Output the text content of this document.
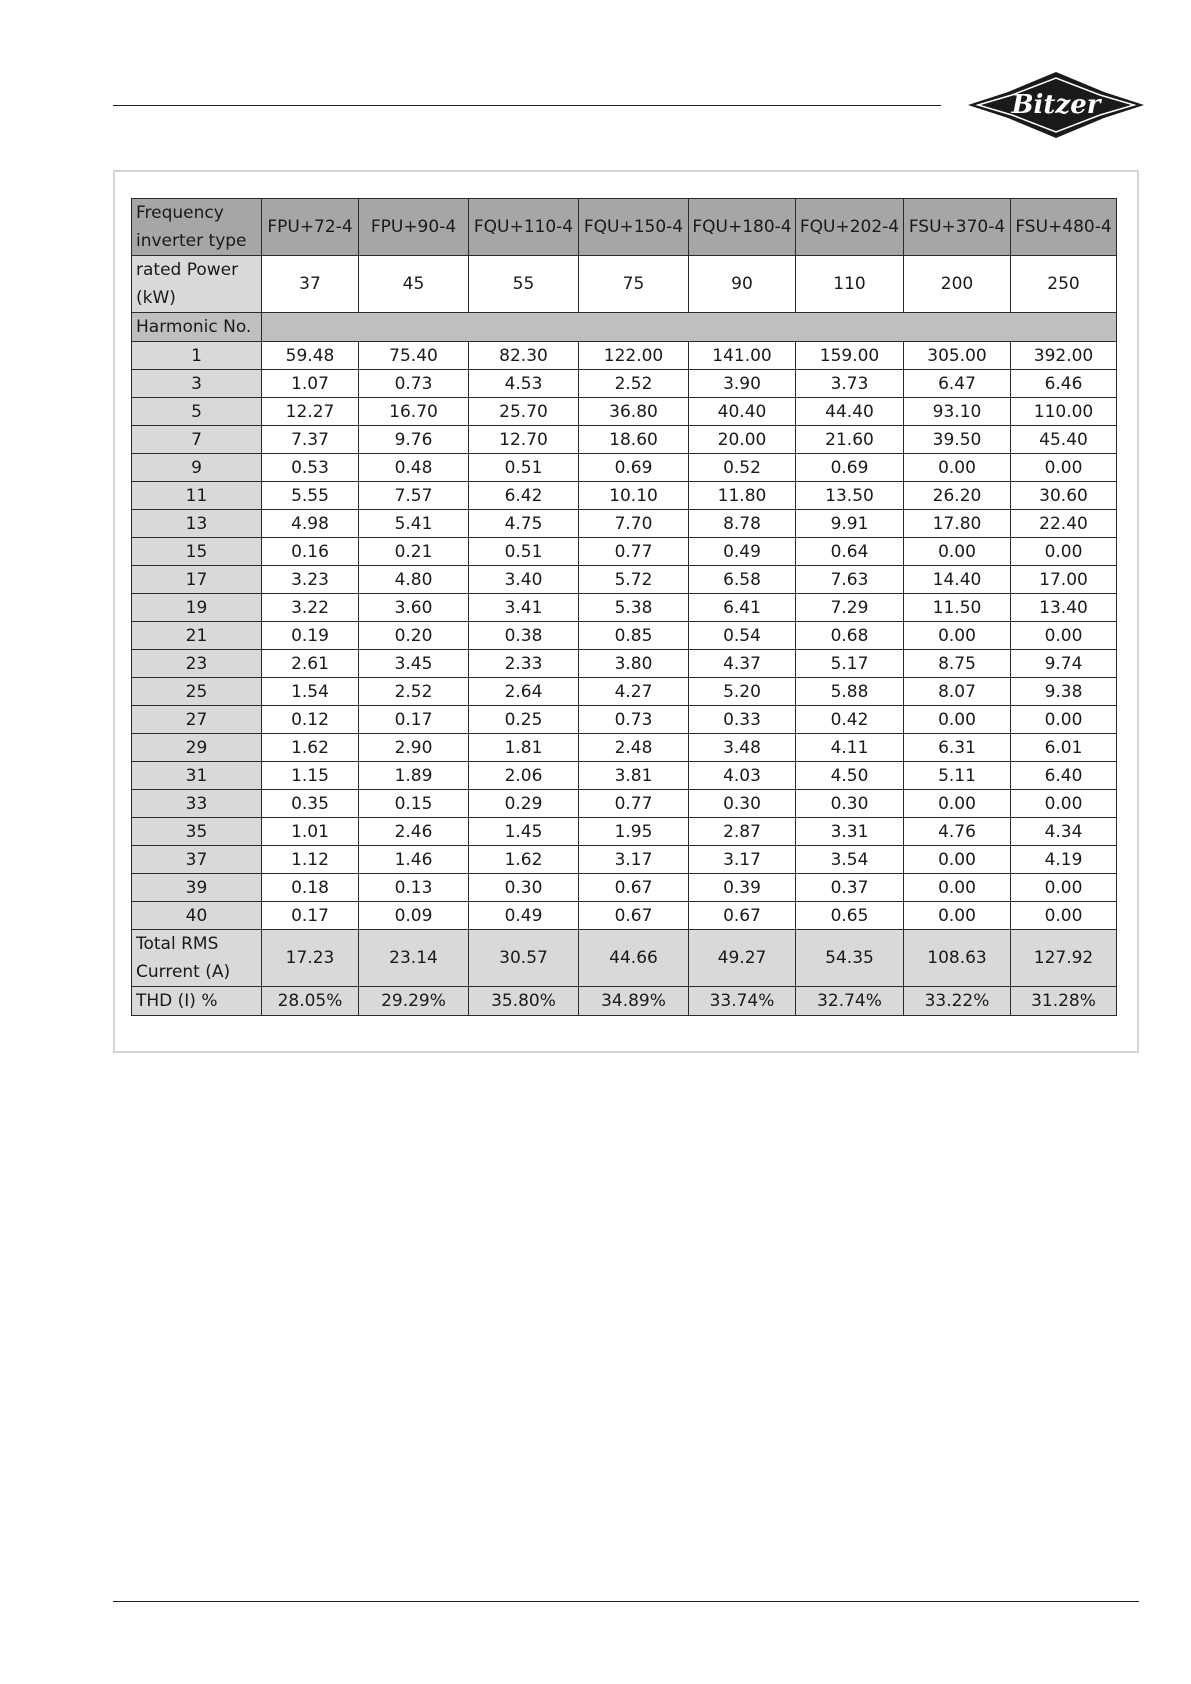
Bitzer
Frequency inverter type	FPU+72-4	FPU+90-4	FQU+110-4	FQU+150-4	FQU+180-4	FQU+202-4	FSU+370-4	FSU+480-4
rated Power (kW)	37	45	55	75	90	110	200	250
Harmonic No.								
1	59.48	75.40	82.30	122.00	141.00	159.00	305.00	392.00
3	1.07	0.73	4.53	2.52	3.90	3.73	6.47	6.46
5	12.27	16.70	25.70	36.80	40.40	44.40	93.10	110.00
7	7.37	9.76	12.70	18.60	20.00	21.60	39.50	45.40
9	0.53	0.48	0.51	0.69	0.52	0.69	0.00	0.00
11	5.55	7.57	6.42	10.10	11.80	13.50	26.20	30.60
13	4.98	5.41	4.75	7.70	8.78	9.91	17.80	22.40
15	0.16	0.21	0.51	0.77	0.49	0.64	0.00	0.00
17	3.23	4.80	3.40	5.72	6.58	7.63	14.40	17.00
19	3.22	3.60	3.41	5.38	6.41	7.29	11.50	13.40
21	0.19	0.20	0.38	0.85	0.54	0.68	0.00	0.00
23	2.61	3.45	2.33	3.80	4.37	5.17	8.75	9.74
25	1.54	2.52	2.64	4.27	5.20	5.88	8.07	9.38
27	0.12	0.17	0.25	0.73	0.33	0.42	0.00	0.00
29	1.62	2.90	1.81	2.48	3.48	4.11	6.31	6.01
31	1.15	1.89	2.06	3.81	4.03	4.50	5.11	6.40
33	0.35	0.15	0.29	0.77	0.30	0.30	0.00	0.00
35	1.01	2.46	1.45	1.95	2.87	3.31	4.76	4.34
37	1.12	1.46	1.62	3.17	3.17	3.54	0.00	4.19
39	0.18	0.13	0.30	0.67	0.39	0.37	0.00	0.00
40	0.17	0.09	0.49	0.67	0.67	0.65	0.00	0.00
Total RMS Current (A)	17.23	23.14	30.57	44.66	49.27	54.35	108.63	127.92
THD (I) %	28.05%	29.29%	35.80%	34.89%	33.74%	32.74%	33.22%	31.28%
